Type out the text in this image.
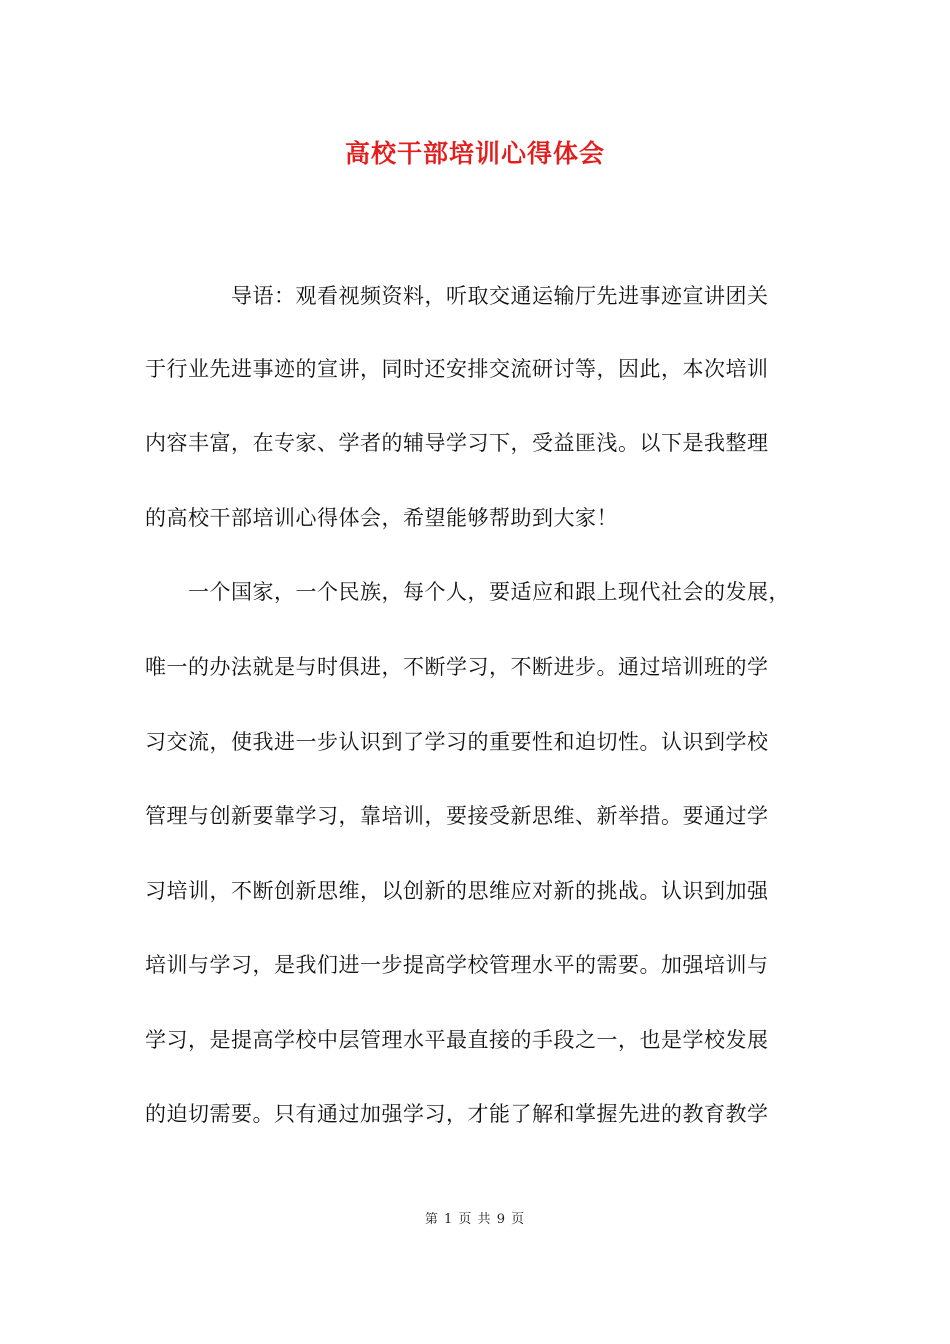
高校干部培训心得体会

　　　　导语：观看视频资料，听取交通运输厅先进事迹宣讲团关

于行业先进事迹的宣讲，同时还安排交流研讨等，因此，本次培训

内容丰富，在专家、学者的辅导学习下，受益匪浅。以下是我整理

的高校干部培训心得体会，希望能够帮助到大家！

　　一个国家，一个民族，每个人，要适应和跟上现代社会的发展，

唯一的办法就是与时俱进，不断学习，不断进步。通过培训班的学

习交流，使我进一步认识到了学习的重要性和迫切性。认识到学校

管理与创新要靠学习，靠培训，要接受新思维、新举措。要通过学

习培训，不断创新思维，以创新的思维应对新的挑战。认识到加强

培训与学习，是我们进一步提高学校管理水平的需要。加强培训与

学习，是提高学校中层管理水平最直接的手段之一，也是学校发展

的迫切需要。只有通过加强学习，才能了解和掌握先进的教育教学

第 1 页 共 9 页
